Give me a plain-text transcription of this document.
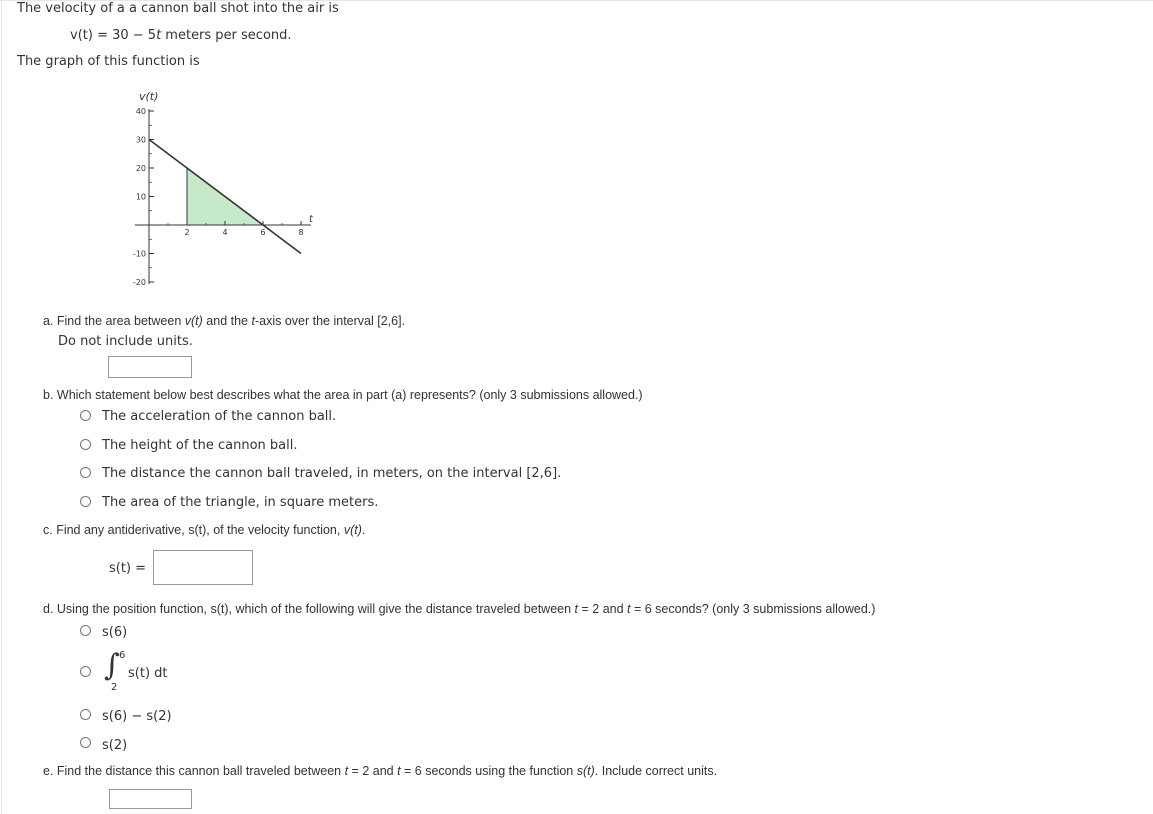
The velocity of a a cannon ball shot into the air is
v(t) = 30 − 5t meters per second.
The graph of this function is
40
30
20
10
-10
-20
2	4	6	8
v(t)
t
a. Find the area between v(t) and the t-axis over the interval [2,6].
Do not include units.
b. Which statement below best describes what the area in part (a) represents? (only 3 submissions allowed.)
The acceleration of the cannon ball.
The height of the cannon ball.
The distance the cannon ball traveled, in meters, on the interval [2,6].
The area of the triangle, in square meters.
c. Find any antiderivative, s(t), of the velocity function, v(t).
s(t) =
d. Using the position function, s(t), which of the following will give the distance traveled between t = 2 and t = 6 seconds? (only 3 submissions allowed.)
s(6)
∫ 6
2
s(t) dt
s(6) − s(2)
s(2)
e. Find the distance this cannon ball traveled between t = 2 and t = 6 seconds using the function s(t). Include correct units.
